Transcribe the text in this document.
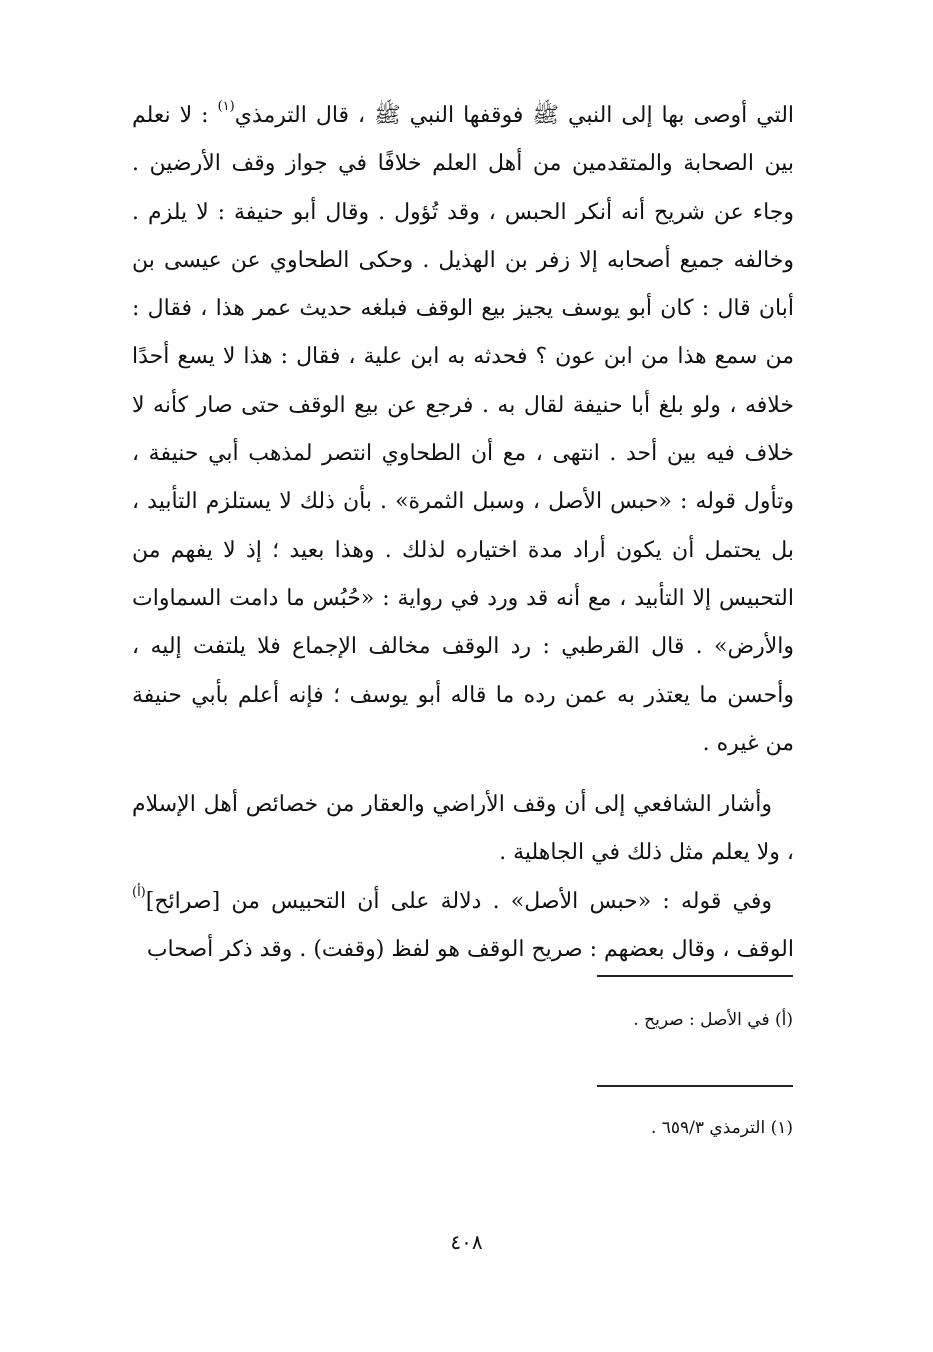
التي أوصى بها إلى النبي ﷺ فوقفها النبي ﷺ ، قال الترمذي$^{(١)}$ : لا نعلم بين الصحابة والمتقدمين من أهل العلم خلافًا في جواز وقف الأرضين . وجاء عن شريح أنه أنكر الحبس ، وقد تُؤول . وقال أبو حنيفة : لا يلزم . وخالفه جميع أصحابه إلا زفر بن الهذيل . وحكى الطحاوي عن عيسى بن أبان قال : كان أبو يوسف يجيز بيع الوقف فبلغه حديث عمر هذا ، فقال : من سمع هذا من ابن عون ؟ فحدثه به ابن علية ، فقال : هذا لا يسع أحدًا خلافه ، ولو بلغ أبا حنيفة لقال به . فرجع عن بيع الوقف حتى صار كأنه لا خلاف فيه بين أحد . انتهى ، مع أن الطحاوي انتصر لمذهب أبي حنيفة ، وتأول قوله : «حبس الأصل ، وسبل الثمرة» . بأن ذلك لا يستلزم التأبيد ، بل يحتمل أن يكون أراد مدة اختياره لذلك . وهذا بعيد ؛ إذ لا يفهم من التحبيس إلا التأبيد ، مع أنه قد ورد في رواية : «حُبُس ما دامت السماوات والأرض» . قال القرطبي : رد الوقف مخالف الإجماع فلا يلتفت إليه ، وأحسن ما يعتذر به عمن رده ما قاله أبو يوسف ؛ فإنه أعلم بأبي حنيفة من غيره .

وأشار الشافعي إلى أن وقف الأراضي والعقار من خصائص أهل الإسلام ، ولا يعلم مثل ذلك في الجاهلية .

وفي قوله : «حبس الأصل» . دلالة على أن التحبيس من [صرائح]$^{(أ)}$ الوقف ، وقال بعضهم : صريح الوقف هو لفظ (وقفت) . وقد ذكر أصحاب

(أ) في الأصل : صريح .
(١) الترمذي ٦٥٩/٣ .
٤٠٨
